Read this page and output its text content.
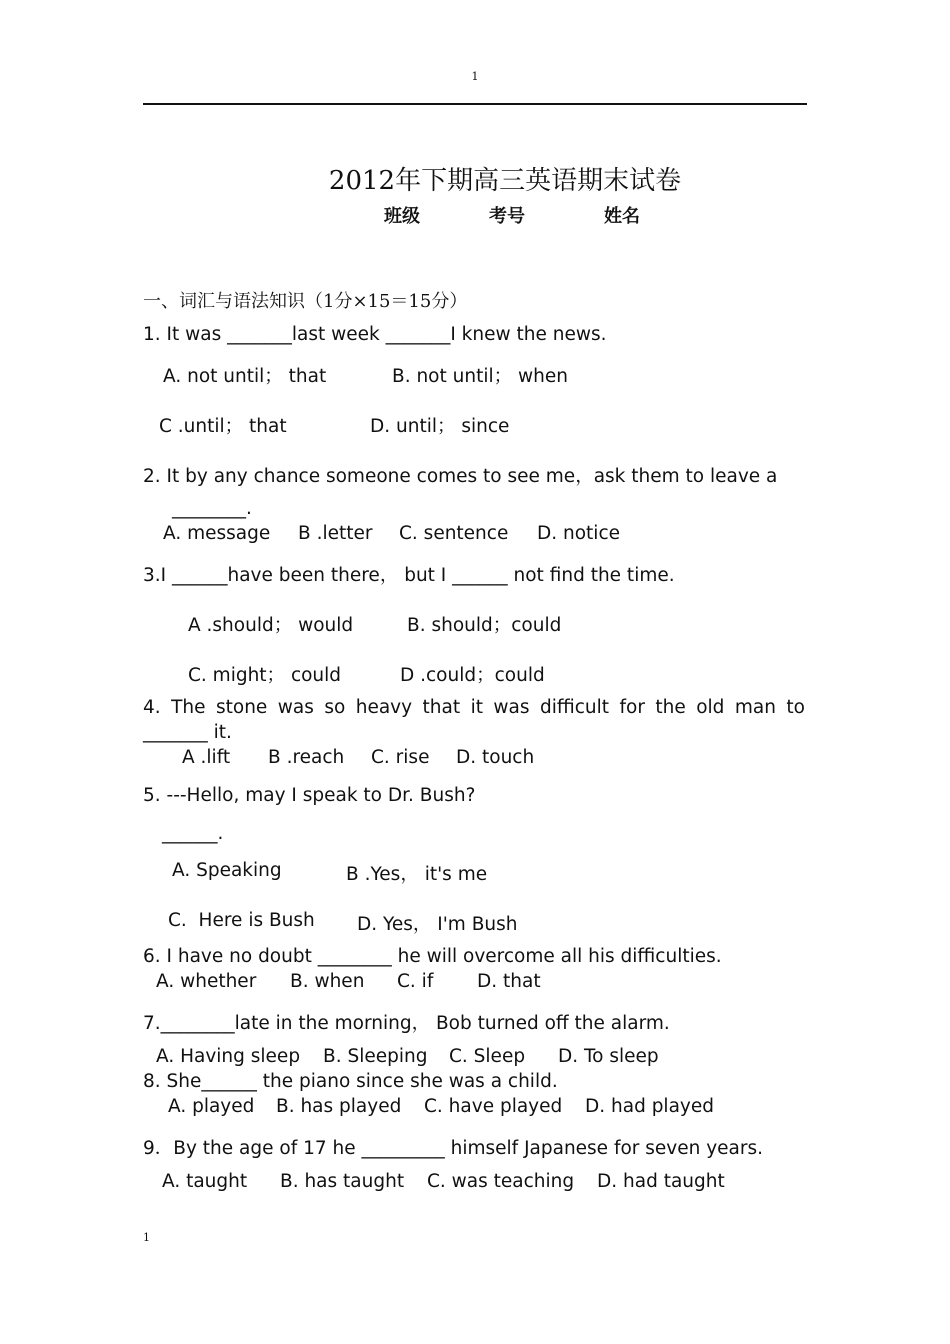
1
2012年下期高三英语期末试卷
班级	考号	姓名
一、词汇与语法知识（1分×15＝15分）
1. It was _______last week _______I knew the news.
A. not until； that	B. not until； when
C .until； that	D. until； since
2. It by any chance someone comes to see me，ask them to leave a
________.
A. message B .letter C. sentence D. notice
3.I ______have been there， but I ______ not find the time.
A .should； would	B. should；could
C. might； could	D .could；could
4. The stone was so heavy that it was difficult for the old man to
_______ it.
A .lift B .reach C. rise D. touch
5. ---Hello, may I speak to Dr. Bush?
______.
A. Speaking	B .Yes， it's me
C.  Here is Bush D. Yes， I'm Bush
6. I have no doubt ________ he will overcome all his difficulties.
A. whether B. when C. if D. that
7.________late in the morning， Bob turned off the alarm.
A. Having sleep B. Sleeping C. Sleep D. To sleep
8. She______ the piano since she was a child.
A. played B. has played C. have played D. had played
9．By the age of 17 he _________ himself Japanese for seven years.
A. taught B. has taught C. was teaching D. had taught
1
